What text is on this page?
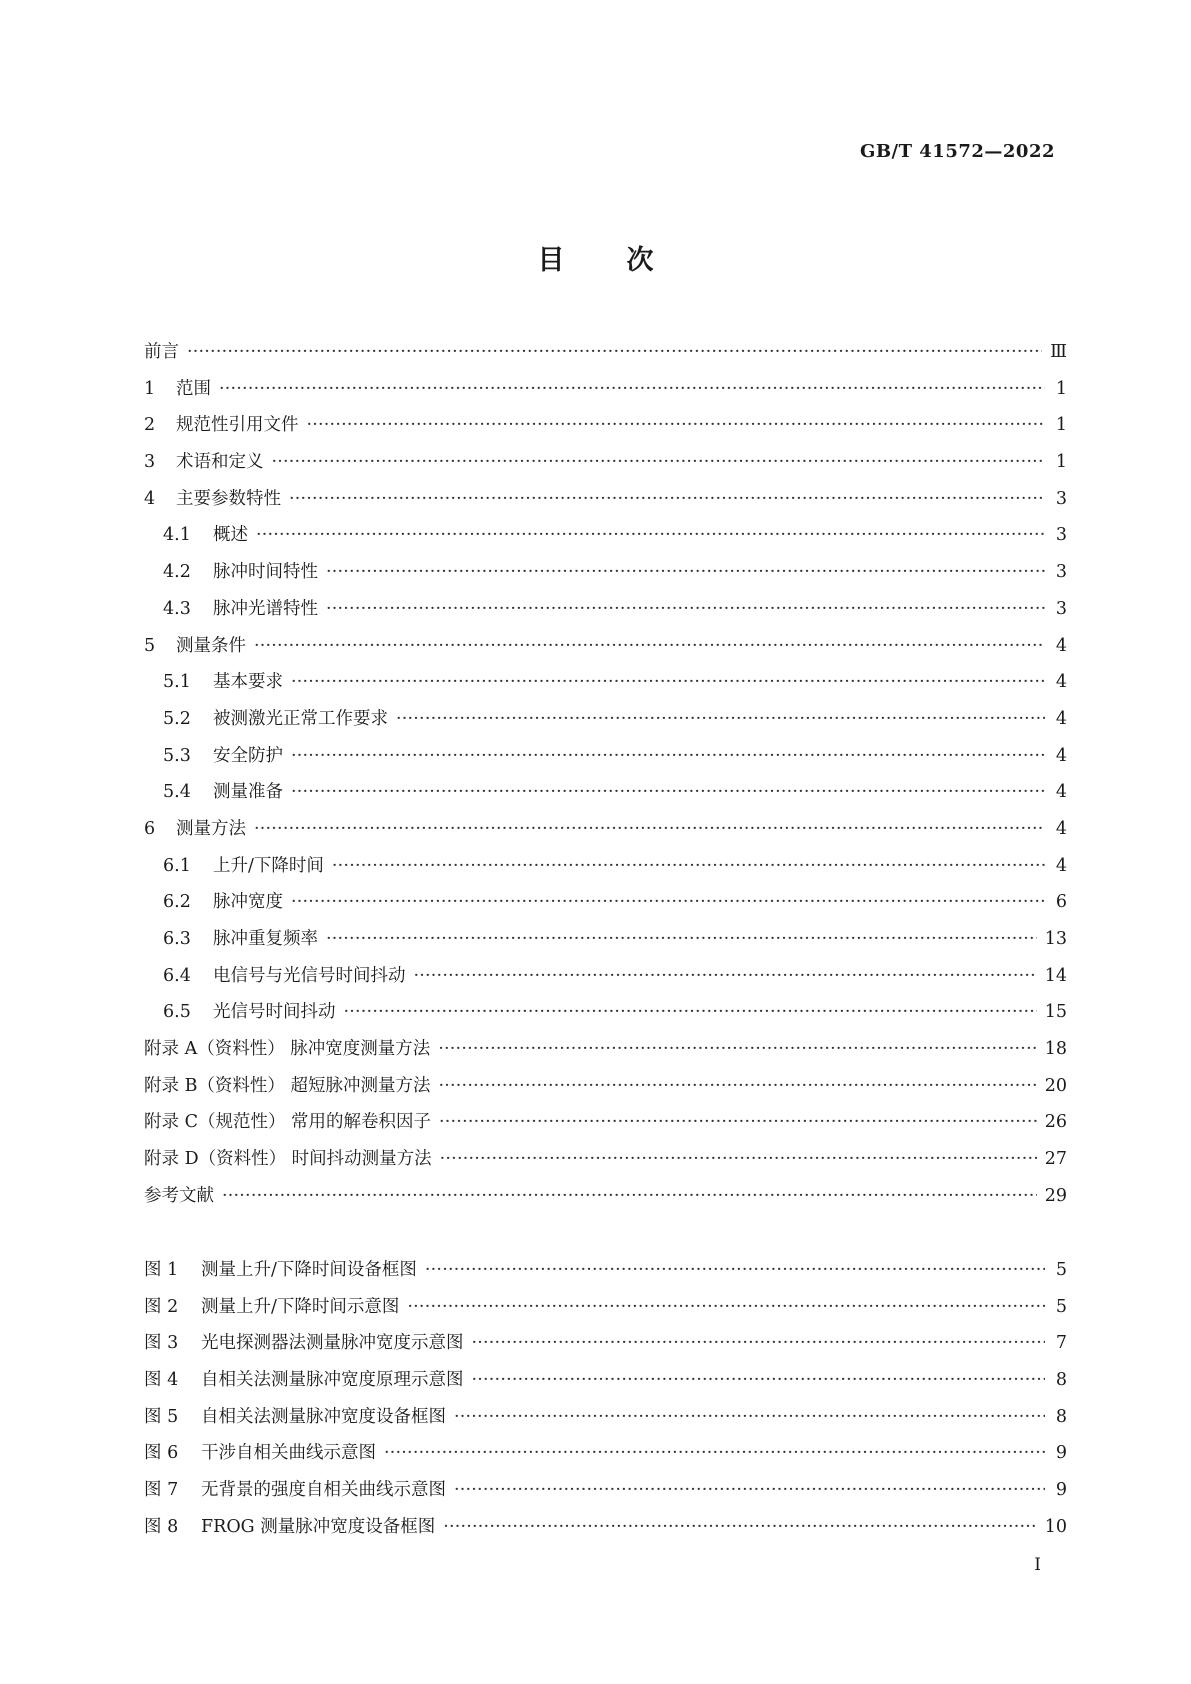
GB/T 41572—2022
目次
前言 ·····	Ⅲ
1	范围 ·····	1
2	规范性引用文件 ·····	1
3	术语和定义 ·····	1
4	主要参数特性 ·····	3
4.1	概述 ·····	3
4.2	脉冲时间特性 ·····	3
4.3	脉冲光谱特性 ·····	3
5	测量条件 ·····	4
5.1	基本要求 ·····	4
5.2	被测激光正常工作要求 ·····	4
5.3	安全防护 ·····	4
5.4	测量准备 ·····	4
6	测量方法 ·····	4
6.1	上升/下降时间 ·····	4
6.2	脉冲宽度 ·····	6
6.3	脉冲重复频率 ·····	13
6.4	电信号与光信号时间抖动 ·····	14
6.5	光信号时间抖动 ·····	15
附录 A（资料性） 脉冲宽度测量方法 ·····	18
附录 B（资料性） 超短脉冲测量方法 ·····	20
附录 C（规范性） 常用的解卷积因子 ·····	26
附录 D（资料性） 时间抖动测量方法 ·····	27
参考文献 ·····	29
图 1	测量上升/下降时间设备框图 ·····	5
图 2	测量上升/下降时间示意图 ·····	5
图 3	光电探测器法测量脉冲宽度示意图 ·····	7
图 4	自相关法测量脉冲宽度原理示意图 ·····	8
图 5	自相关法测量脉冲宽度设备框图 ·····	8
图 6	干涉自相关曲线示意图 ·····	9
图 7	无背景的强度自相关曲线示意图 ·····	9
图 8	FROG 测量脉冲宽度设备框图 ·····	10
I
